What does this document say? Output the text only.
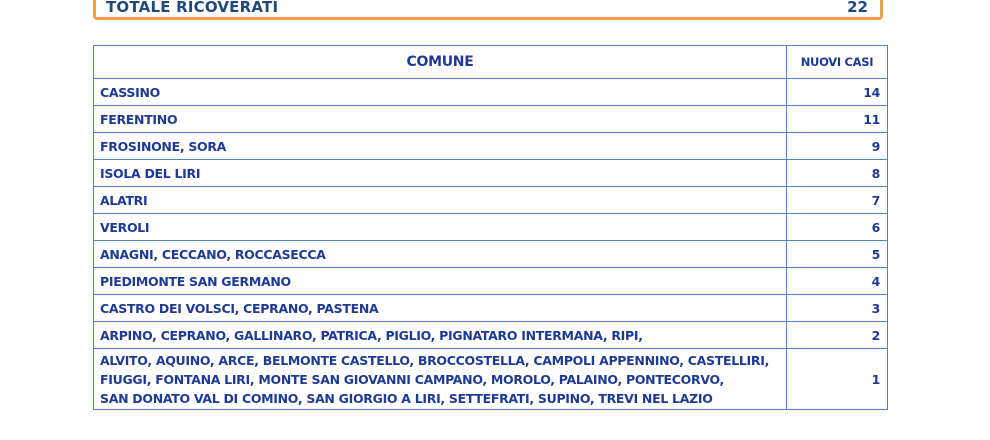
TOTALE RICOVERATI	22
COMUNE	NUOVI CASI
CASSINO	14
FERENTINO	11
FROSINONE, SORA	9
ISOLA DEL LIRI	8
ALATRI	7
VEROLI	6
ANAGNI, CECCANO, ROCCASECCA	5
PIEDIMONTE SAN GERMANO	4
CASTRO DEI VOLSCI, CEPRANO, PASTENA	3
ARPINO, CEPRANO, GALLINARO, PATRICA, PIGLIO, PIGNATARO INTERMANA, RIPI,	2

ALVITO, AQUINO, ARCE, BELMONTE CASTELLO, BROCCOSTELLA, CAMPOLI APPENNINO, CASTELLIRI,
FIUGGI, FONTANA LIRI, MONTE SAN GIOVANNI CAMPANO, MOROLO, PALAINO, PONTECORVO,
SAN DONATO VAL DI COMINO, SAN GIORGIO A LIRI, SETTEFRATI, SUPINO, TREVI NEL LAZIO	1
